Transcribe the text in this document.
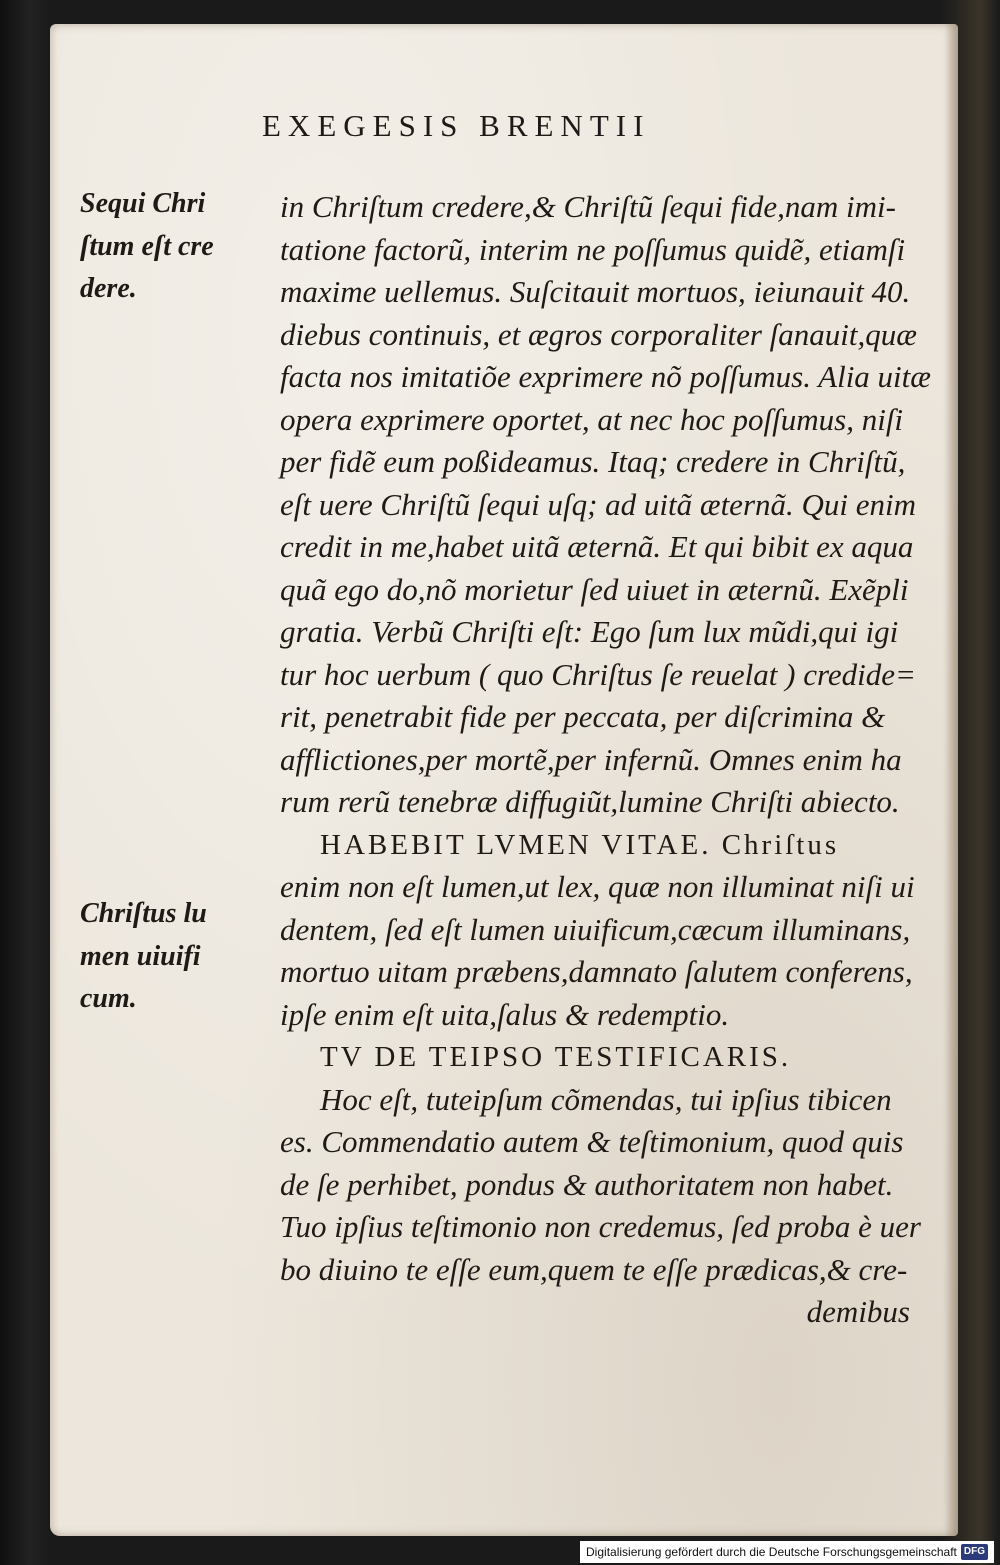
EXEGESIS BRENTII
Sequi Chri
ſtum eſt cre
dere.
Chriſtus lu
men uiuifi
cum.
in Chriſtum credere,& Chriſtũ ſequi fide,nam imi-
tatione factorũ, interim ne poſſumus quidẽ, etiamſi
maxime uellemus. Suſcitauit mortuos, ieiunauit 40.
diebus continuis, et ægros corporaliter ſanauit,quæ
facta nos imitatiõe exprimere nõ poſſumus. Alia uitæ
opera exprimere oportet, at nec hoc poſſumus, niſi
per fidẽ eum poßideamus. Itaq; credere in Chriſtũ,
eſt uere Chriſtũ ſequi uſq; ad uitã æternã. Qui enim
credit in me,habet uitã æternã. Et qui bibit ex aqua
quã ego do,nõ morietur ſed uiuet in æternũ. Exẽpli
gratia. Verbũ Chriſti eſt: Ego ſum lux mũdi,qui igi
tur hoc uerbum ( quo Chriſtus ſe reuelat ) credide=
rit, penetrabit fide per peccata, per diſcrimina &
afflictiones,per mortẽ,per infernũ. Omnes enim ha
rum rerũ tenebræ diffugiũt,lumine Chriſti abiecto.
HABEBIT LVMEN VITAE. Chriſtus
enim non eſt lumen,ut lex, quæ non illuminat niſi ui
dentem, ſed eſt lumen uiuificum,cæcum illuminans,
mortuo uitam præbens,damnato ſalutem conferens,
ipſe enim eſt uita,ſalus & redemptio.
TV DE TEIPSO TESTIFICARIS.
Hoc eſt, tuteipſum cõmendas, tui ipſius tibicen
es. Commendatio autem & teſtimonium, quod quis
de ſe perhibet, pondus & authoritatem non habet.
Tuo ipſius teſtimonio non credemus, ſed proba è uer
bo diuino te eſſe eum,quem te eſſe prædicas,& cre-
demibus
Digitalisierung gefördert durch die Deutsche Forschungsgemeinschaft DFG
